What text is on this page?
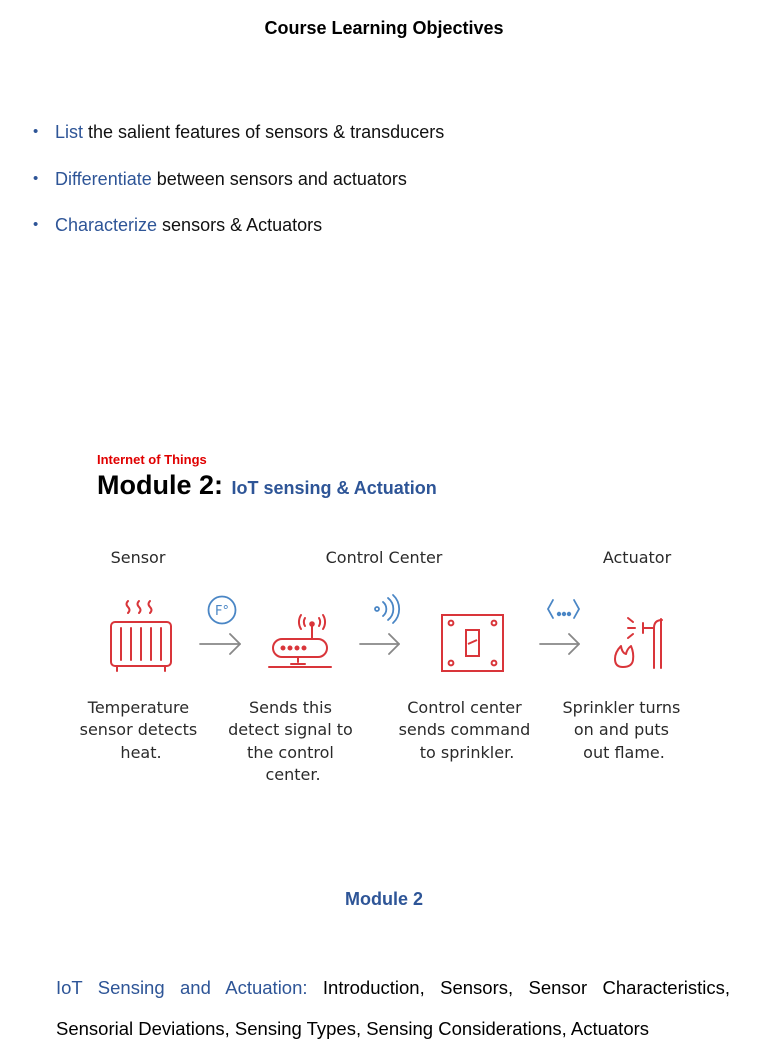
Course Learning Objectives
• List the salient features of sensors & transducers
• Differentiate between sensors and actuators
• Characterize sensors & Actuators
Internet of Things
Module 2: IoT sensing & Actuation
Sensor	Control Center	Actuator
F°
Temperature sensor detects heat.
Sends this detect signal to the control center.
Control center sends command to sprinkler.
Sprinkler turns on and puts out flame.
Module 2
IoT Sensing and Actuation: Introduction, Sensors, Sensor Characteristics, Sensorial Deviations, Sensing Types, Sensing Considerations, Actuators
